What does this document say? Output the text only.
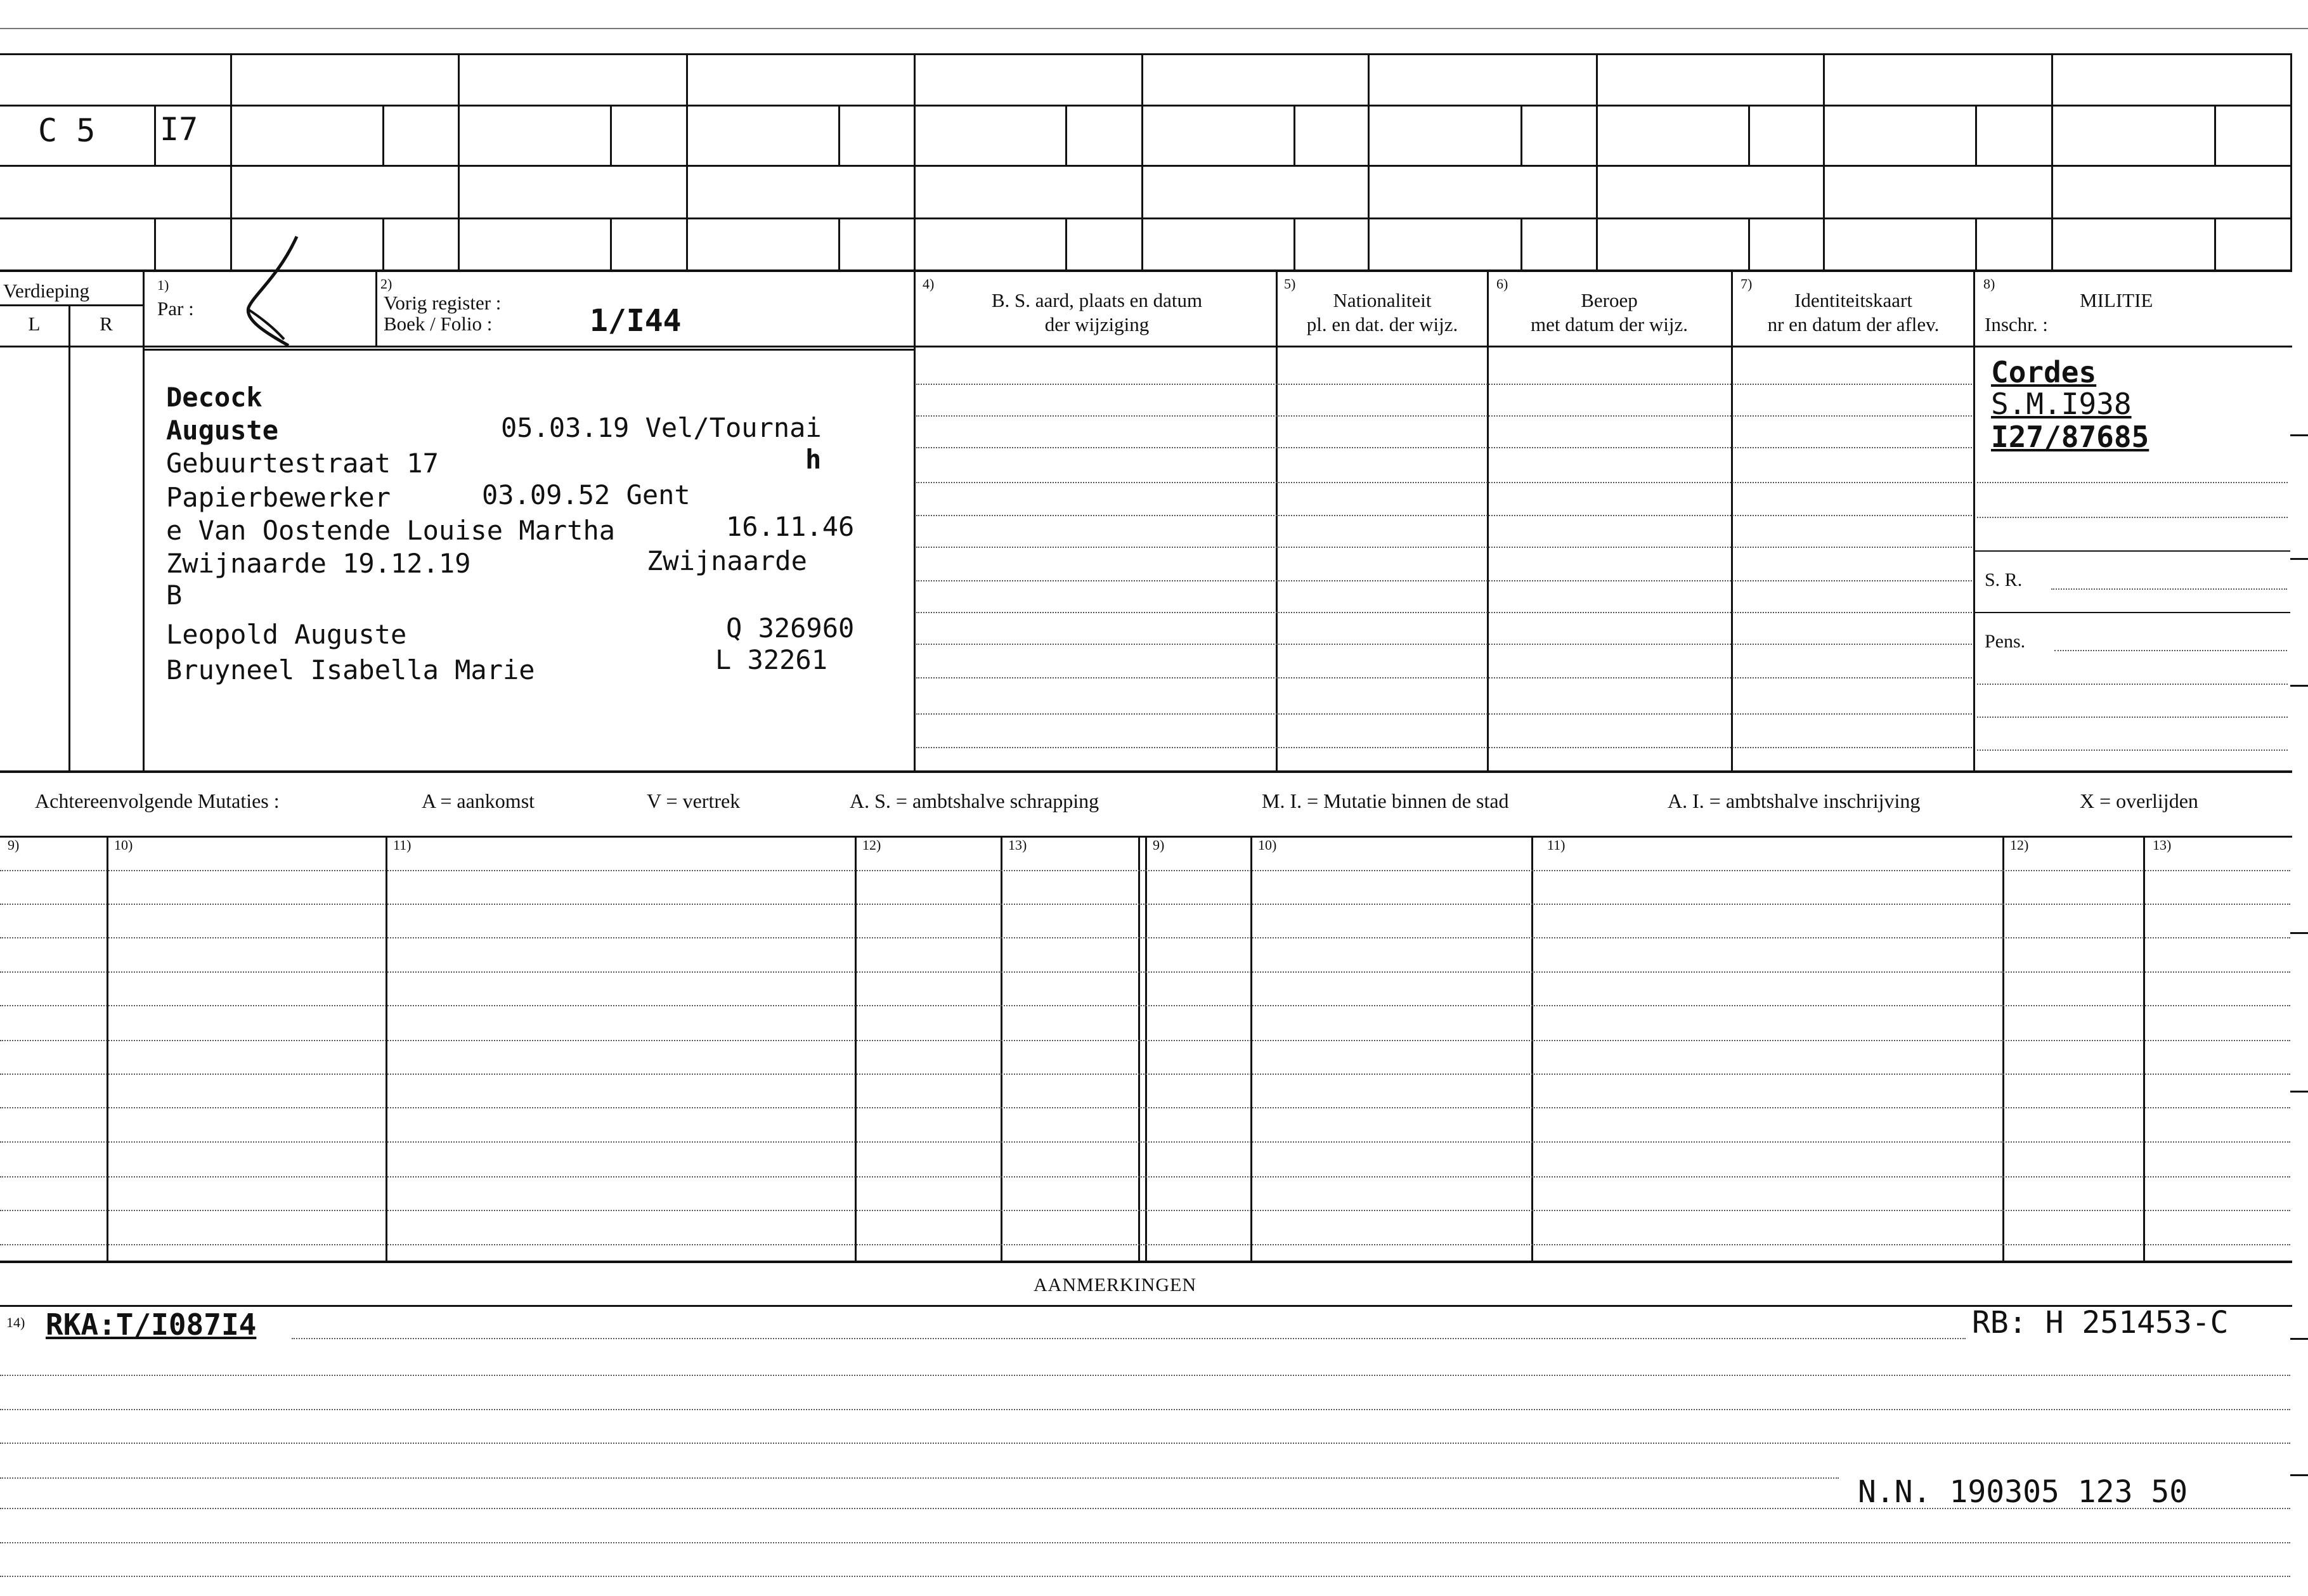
C 5 I7
Verdieping
L	R
1)
Par :
2)
Vorig register :
Boek / Folio :	1/I44
4)
B. S. aard, plaats en datum
der wijziging
5)
Nationaliteit
pl. en dat. der wijz.
6)
Beroep
met datum der wijz.
7)
Identiteitskaart
nr en datum der aflev.
8)
MILITIE
Inschr. :
Decock
Auguste	05.03.19 Vel/Tournai
Gebuurtestraat 17	h
Papierbewerker	03.09.52 Gent
e Van Oostende Louise Martha	16.11.46
Zwijnaarde 19.12.19	Zwijnaarde
B
Leopold Auguste	Q 326960
Bruyneel Isabella Marie	L 32261
Cordes
S.M.I938
I27/87685
S. R.
Pens.
Achtereenvolgende Mutaties :	A = aankomst	V = vertrek	A. S. = ambtshalve schrapping	M. I. = Mutatie binnen de stad	A. I. = ambtshalve inschrijving	X = overlijden
9)	10)	11)	12)	13)	9)	10)	11)	12)	13)
AANMERKINGEN
14) RKA:T/I087I4	RB: H 251453-C
N.N. 190305 123 50
